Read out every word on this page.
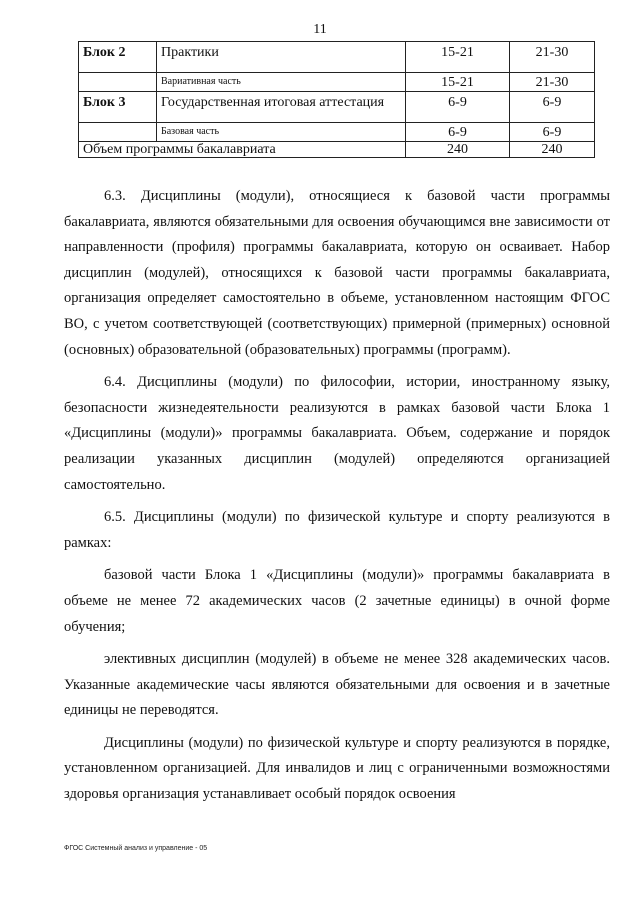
11
Блок 2	Практики	15-21	21-30
	Вариативная часть	15-21	21-30
Блок 3	Государственная итоговая аттестация	6-9	6-9
	Базовая часть	6-9	6-9
Объем программы бакалавриата		240	240

6.3. Дисциплины (модули), относящиеся к базовой части программы бакалавриата, являются обязательными для освоения обучающимся вне зависимости от направленности (профиля) программы бакалавриата, которую он осваивает. Набор дисциплин (модулей), относящихся к базовой части программы бакалавриата, организация определяет самостоятельно в объеме, установленном настоящим ФГОС ВО, с учетом соответствующей (соответствующих) примерной (примерных) основной (основных) образовательной (образовательных) программы (программ).

6.4. Дисциплины (модули) по философии, истории, иностранному языку, безопасности жизнедеятельности реализуются в рамках базовой части Блока 1 «Дисциплины (модули)» программы бакалавриата. Объем, содержание и порядок реализации указанных дисциплин (модулей) определяются организацией самостоятельно.

6.5. Дисциплины (модули) по физической культуре и спорту реализуются в рамках:

базовой части Блока 1 «Дисциплины (модули)» программы бакалавриата в объеме не менее 72 академических часов (2 зачетные единицы) в очной форме обучения;

элективных дисциплин (модулей) в объеме не менее 328 академических часов. Указанные академические часы являются обязательными для освоения и в зачетные единицы не переводятся.

Дисциплины (модули) по физической культуре и спорту реализуются в порядке, установленном организацией. Для инвалидов и лиц с ограниченными возможностями здоровья организация устанавливает особый порядок освоения

ФГОС Системный анализ и управление - 05
